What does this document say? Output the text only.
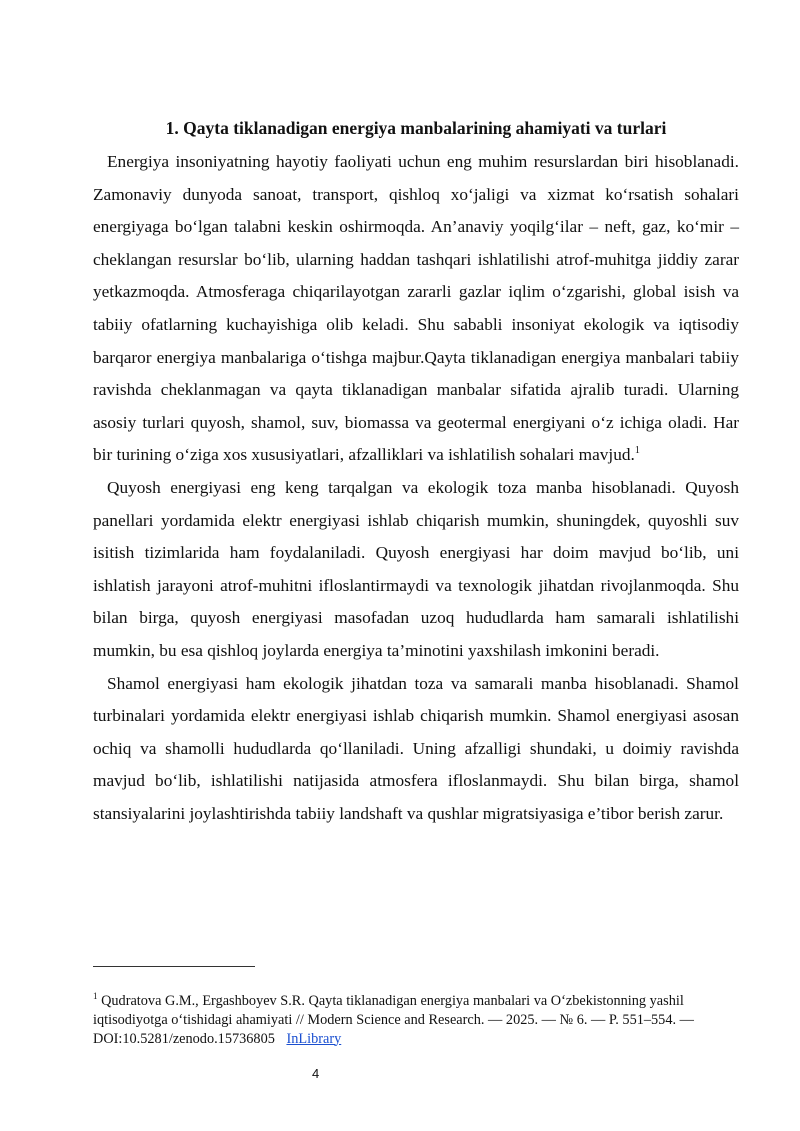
1. Qayta tiklanadigan energiya manbalarining ahamiyati va turlari

Energiya insoniyatning hayotiy faoliyati uchun eng muhim resurslardan biri hisoblanadi. Zamonaviy dunyoda sanoat, transport, qishloq xo‘jaligi va xizmat ko‘rsatish sohalari energiyaga bo‘lgan talabni keskin oshirmoqda. An’anaviy yoqilg‘ilar – neft, gaz, ko‘mir – cheklangan resurslar bo‘lib, ularning haddan tashqari ishlatilishi atrof-muhitga jiddiy zarar yetkazmoqda. Atmosferaga chiqarilayotgan zararli gazlar iqlim o‘zgarishi, global isish va tabiiy ofatlarning kuchayishiga olib keladi. Shu sababli insoniyat ekologik va iqtisodiy barqaror energiya manbalariga o‘tishga majbur.Qayta tiklanadigan energiya manbalari tabiiy ravishda cheklanmagan va qayta tiklanadigan manbalar sifatida ajralib turadi. Ularning asosiy turlari quyosh, shamol, suv, biomassa va geotermal energiyani o‘z ichiga oladi. Har bir turining o‘ziga xos xususiyatlari, afzalliklari va ishlatilish sohalari mavjud.$^1$

Quyosh energiyasi eng keng tarqalgan va ekologik toza manba hisoblanadi. Quyosh panellari yordamida elektr energiyasi ishlab chiqarish mumkin, shuningdek, quyoshli suv isitish tizimlarida ham foydalaniladi. Quyosh energiyasi har doim mavjud bo‘lib, uni ishlatish jarayoni atrof-muhitni ifloslantirmaydi va texnologik jihatdan rivojlanmoqda. Shu bilan birga, quyosh energiyasi masofadan uzoq hududlarda ham samarali ishlatilishi mumkin, bu esa qishloq joylarda energiya ta’minotini yaxshilash imkonini beradi.

Shamol energiyasi ham ekologik jihatdan toza va samarali manba hisoblanadi. Shamol turbinalari yordamida elektr energiyasi ishlab chiqarish mumkin. Shamol energiyasi asosan ochiq va shamolli hududlarda qo‘llaniladi. Uning afzalligi shundaki, u doimiy ravishda mavjud bo‘lib, ishlatilishi natijasida atmosfera ifloslanmaydi. Shu bilan birga, shamol stansiyalarini joylashtirishda tabiiy landshaft va qushlar migratsiyasiga e’tibor berish zarur.

$^1$ Qudratova G.M., Ergashboyev S.R. Qayta tiklanadigan energiya manbalari va O‘zbekistonning yashil iqtisodiyotga o‘tishidagi ahamiyati // Modern Science and Research. — 2025. — № 6. — P. 551–554. — DOI:10.5281/zenodo.15736805 InLibrary
4
